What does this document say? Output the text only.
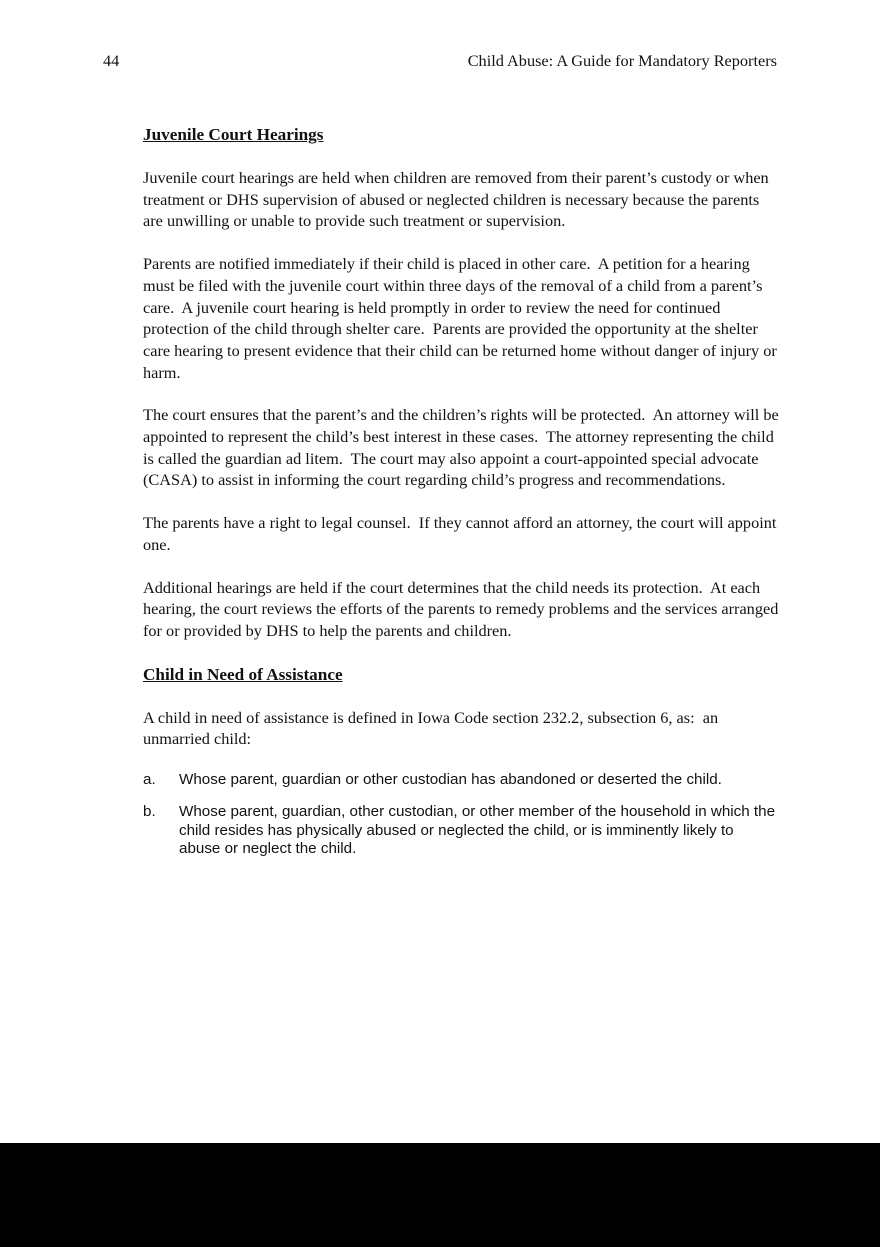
44	Child Abuse: A Guide for Mandatory Reporters
Juvenile Court Hearings

Juvenile court hearings are held when children are removed from their parent’s custody or when treatment or DHS supervision of abused or neglected children is necessary because the parents are unwilling or unable to provide such treatment or supervision.

Parents are notified immediately if their child is placed in other care.  A petition for a hearing must be filed with the juvenile court within three days of the removal of a child from a parent’s care.  A juvenile court hearing is held promptly in order to review the need for continued protection of the child through shelter care.  Parents are provided the opportunity at the shelter care hearing to present evidence that their child can be returned home without danger of injury or harm.

The court ensures that the parent’s and the children’s rights will be protected.  An attorney will be appointed to represent the child’s best interest in these cases.  The attorney representing the child is called the guardian ad litem.  The court may also appoint a court-appointed special advocate (CASA) to assist in informing the court regarding child’s progress and recommendations.

The parents have a right to legal counsel.  If they cannot afford an attorney, the court will appoint one.

Additional hearings are held if the court determines that the child needs its protection.  At each hearing, the court reviews the efforts of the parents to remedy problems and the services arranged for or provided by DHS to help the parents and children.

Child in Need of Assistance

A child in need of assistance is defined in Iowa Code section 232.2, subsection 6, as:  an unmarried child:

a.	Whose parent, guardian or other custodian has abandoned or deserted the child.
b.	Whose parent, guardian, other custodian, or other member of the household in which the child resides has physically abused or neglected the child, or is imminently likely to abuse or neglect the child.
